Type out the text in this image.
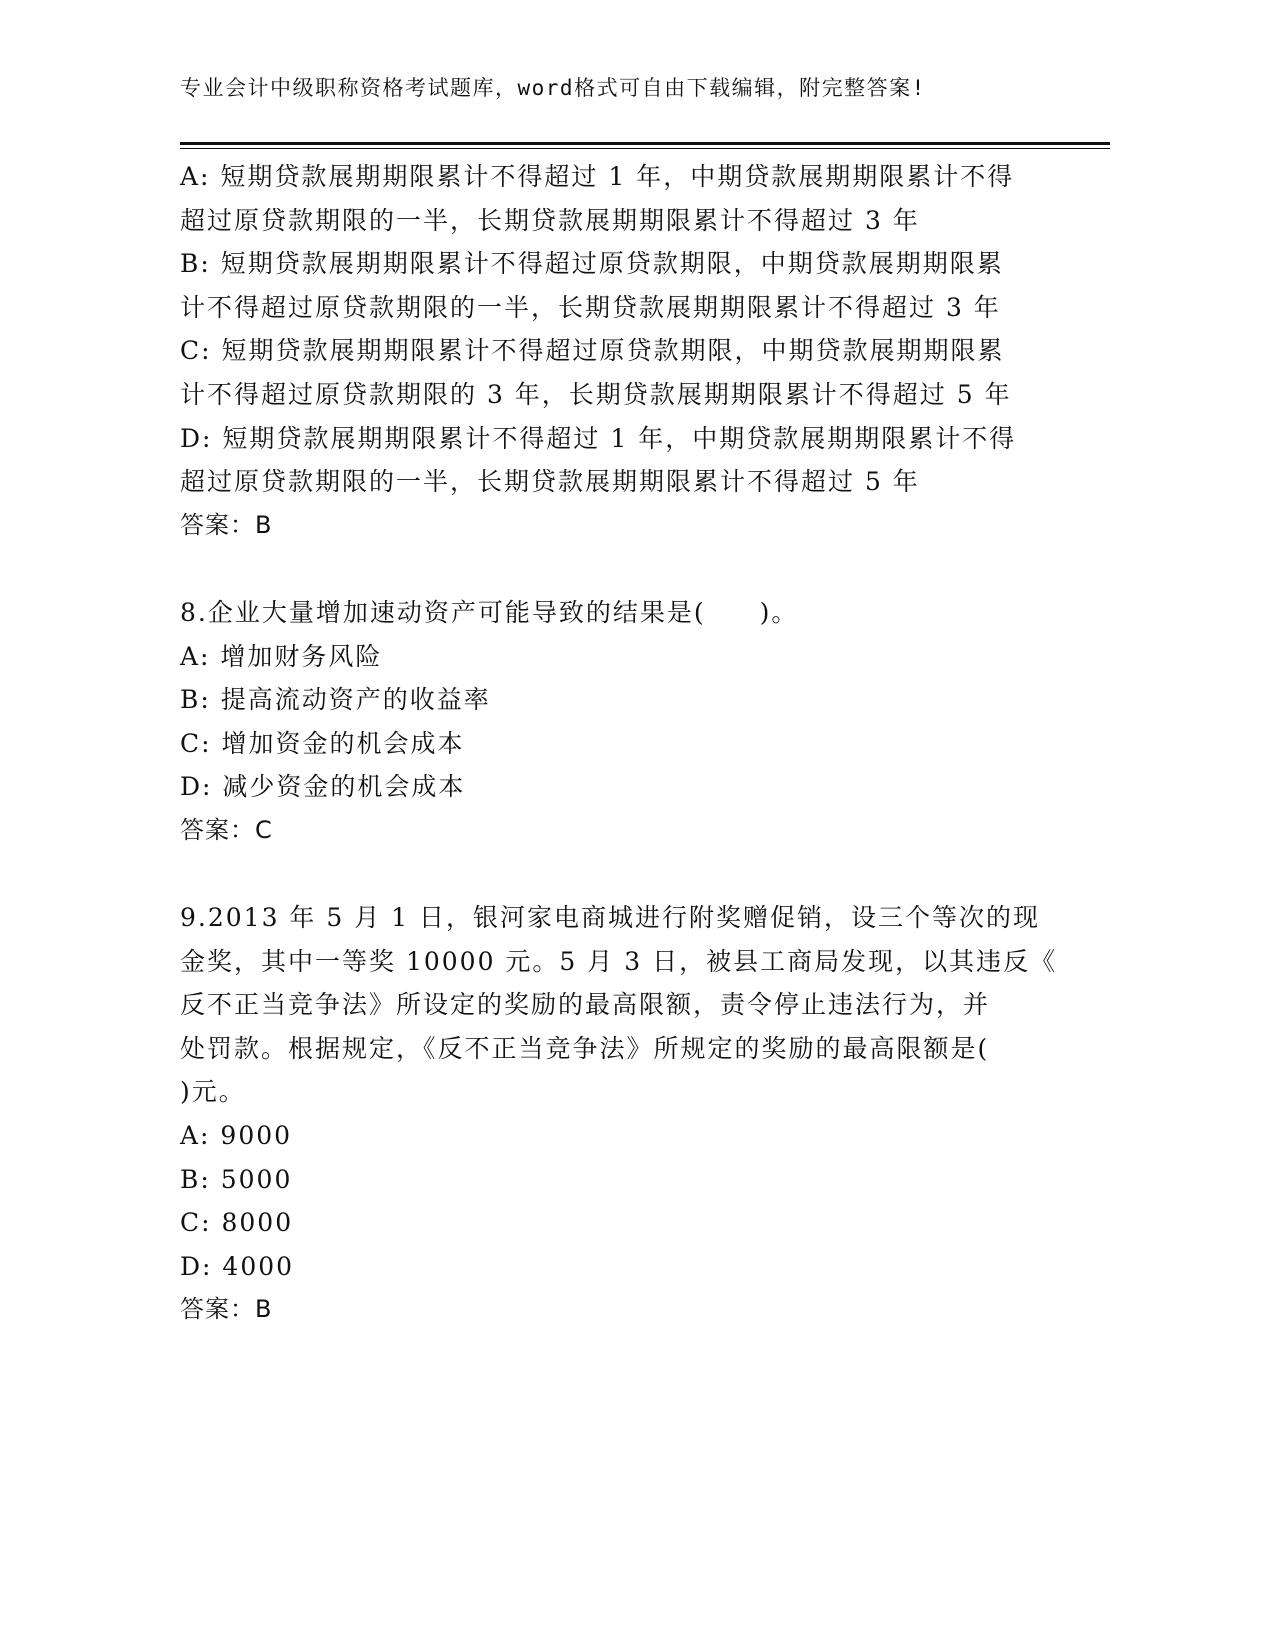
专业会计中级职称资格考试题库，word格式可自由下载编辑，附完整答案!
A: 短期贷款展期期限累计不得超过 1 年，中期贷款展期期限累计不得
超过原贷款期限的一半，长期贷款展期期限累计不得超过 3 年
B: 短期贷款展期期限累计不得超过原贷款期限，中期贷款展期期限累
计不得超过原贷款期限的一半，长期贷款展期期限累计不得超过 3 年
C: 短期贷款展期期限累计不得超过原贷款期限，中期贷款展期期限累
计不得超过原贷款期限的 3 年，长期贷款展期期限累计不得超过 5 年
D: 短期贷款展期期限累计不得超过 1 年，中期贷款展期期限累计不得
超过原贷款期限的一半，长期贷款展期期限累计不得超过 5 年
答案：B
8.企业大量增加速动资产可能导致的结果是(　　)。
A: 增加财务风险
B: 提高流动资产的收益率
C: 增加资金的机会成本
D: 减少资金的机会成本
答案：C
9.2013 年 5 月 1 日，银河家电商城进行附奖赠促销，设三个等次的现
金奖，其中一等奖 10000 元。5 月 3 日，被县工商局发现，以其违反《
反不正当竞争法》所设定的奖励的最高限额，责令停止违法行为，并
处罚款。根据规定，《反不正当竞争法》所规定的奖励的最高限额是(
)元。
A: 9000
B: 5000
C: 8000
D: 4000
答案：B
